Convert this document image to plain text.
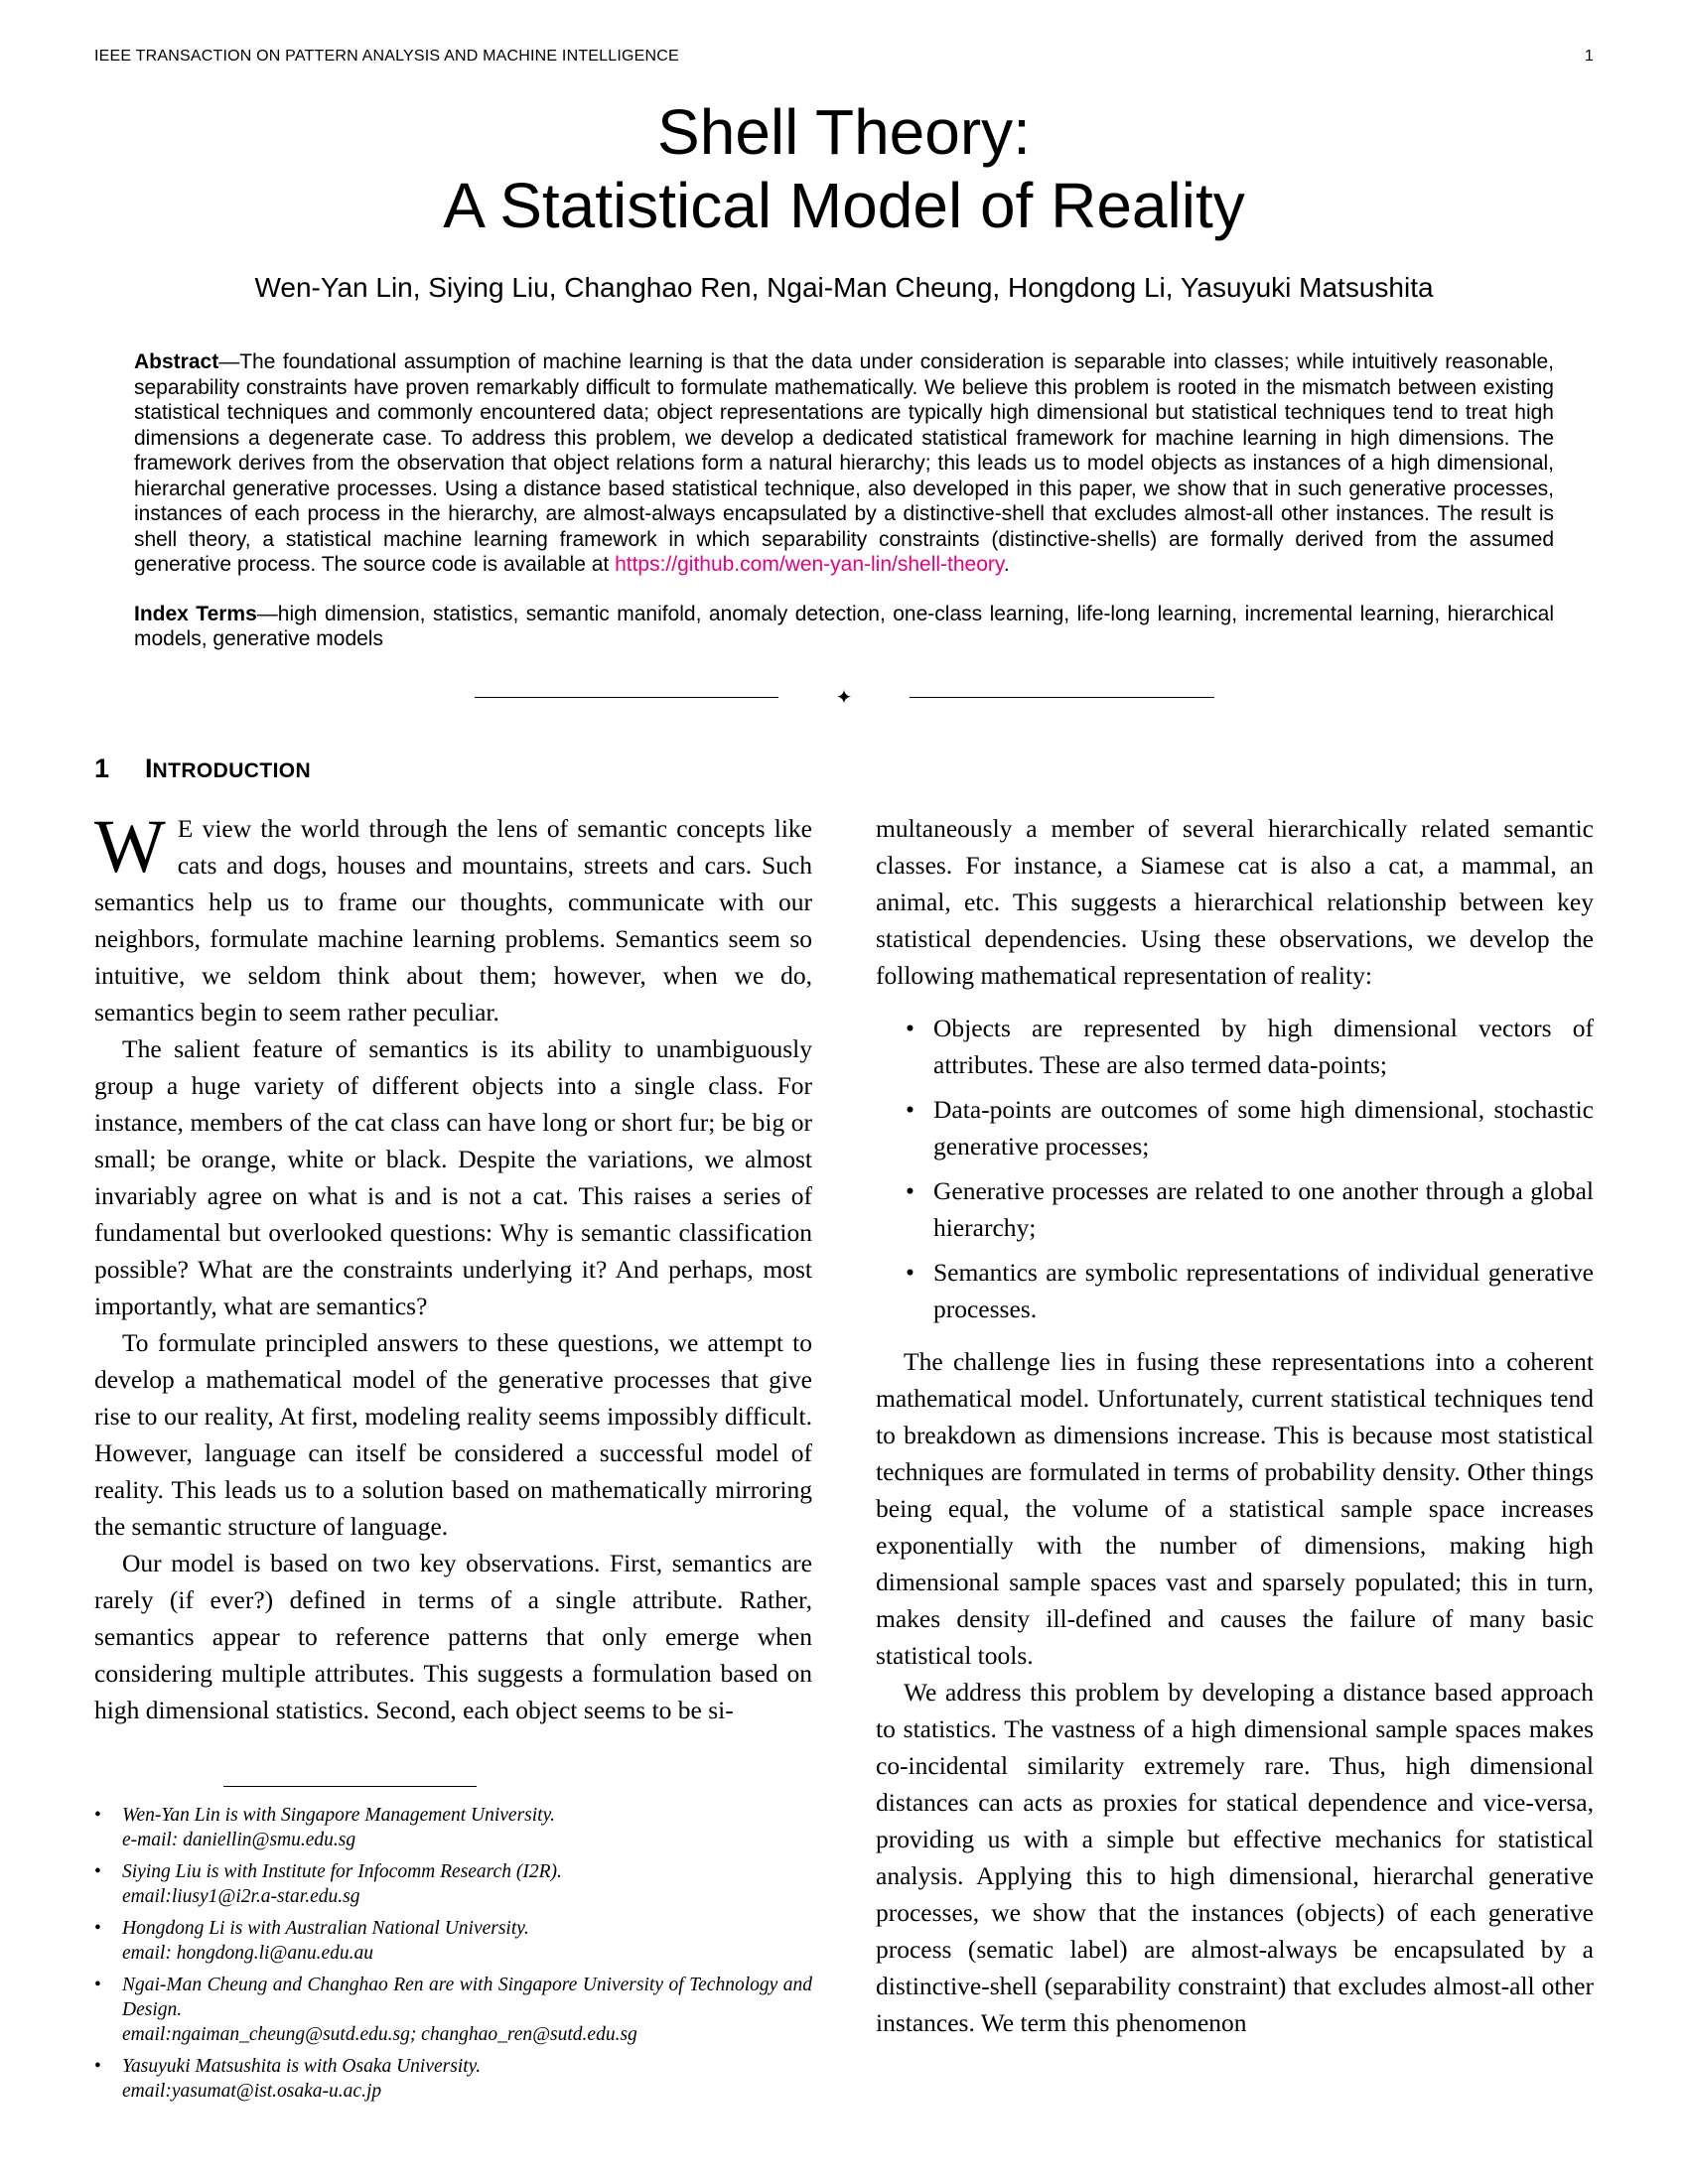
IEEE TRANSACTION ON PATTERN ANALYSIS AND MACHINE INTELLIGENCE	1
Shell Theory:
A Statistical Model of Reality
Wen-Yan Lin, Siying Liu, Changhao Ren, Ngai-Man Cheung, Hongdong Li, Yasuyuki Matsushita

Abstract—The foundational assumption of machine learning is that the data under consideration is separable into classes; while intuitively reasonable, separability constraints have proven remarkably difficult to formulate mathematically. We believe this problem is rooted in the mismatch between existing statistical techniques and commonly encountered data; object representations are typically high dimensional but statistical techniques tend to treat high dimensions a degenerate case. To address this problem, we develop a dedicated statistical framework for machine learning in high dimensions. The framework derives from the observation that object relations form a natural hierarchy; this leads us to model objects as instances of a high dimensional, hierarchal generative processes. Using a distance based statistical technique, also developed in this paper, we show that in such generative processes, instances of each process in the hierarchy, are almost-always encapsulated by a distinctive-shell that excludes almost-all other instances. The result is shell theory, a statistical machine learning framework in which separability constraints (distinctive-shells) are formally derived from the assumed generative process. The source code is available at https://github.com/wen-yan-lin/shell-theory.

Index Terms—high dimension, statistics, semantic manifold, anomaly detection, one-class learning, life-long learning, incremental learning, hierarchical models, generative models

✦
1 INTRODUCTION

W E view the world through the lens of semantic concepts like cats and dogs, houses and mountains, streets and cars. Such semantics help us to frame our thoughts, communicate with our neighbors, formulate machine learning problems. Semantics seem so intuitive, we seldom think about them; however, when we do, semantics begin to seem rather peculiar.

The salient feature of semantics is its ability to unambiguously group a huge variety of different objects into a single class. For instance, members of the cat class can have long or short fur; be big or small; be orange, white or black. Despite the variations, we almost invariably agree on what is and is not a cat. This raises a series of fundamental but overlooked questions: Why is semantic classification possible? What are the constraints underlying it? And perhaps, most importantly, what are semantics?

To formulate principled answers to these questions, we attempt to develop a mathematical model of the generative processes that give rise to our reality, At first, modeling reality seems impossibly difficult. However, language can itself be considered a successful model of reality. This leads us to a solution based on mathematically mirroring the semantic structure of language.

Our model is based on two key observations. First, semantics are rarely (if ever?) defined in terms of a single attribute. Rather, semantics appear to reference patterns that only emerge when considering multiple attributes. This suggests a formulation based on high dimensional statistics. Second, each object seems to be si-

•
Wen-Yan Lin is with Singapore Management University.
e-mail: daniellin@smu.edu.sg
•
Siying Liu is with Institute for Infocomm Research (I2R).
email:liusy1@i2r.a-star.edu.sg
•
Hongdong Li is with Australian National University.
email: hongdong.li@anu.edu.au
•
Ngai-Man Cheung and Changhao Ren are with Singapore University of Technology and Design.
email:ngaiman_cheung@sutd.edu.sg; changhao_ren@sutd.edu.sg
•
Yasuyuki Matsushita is with Osaka University.
email:yasumat@ist.osaka-u.ac.jp

multaneously a member of several hierarchically related semantic classes. For instance, a Siamese cat is also a cat, a mammal, an animal, etc. This suggests a hierarchical relationship between key statistical dependencies. Using these observations, we develop the following mathematical representation of reality:

•
Objects are represented by high dimensional vectors of attributes. These are also termed data-points;
•
Data-points are outcomes of some high dimensional, stochastic generative processes;
•
Generative processes are related to one another through a global hierarchy;
•
Semantics are symbolic representations of individual generative processes.

The challenge lies in fusing these representations into a coherent mathematical model. Unfortunately, current statistical techniques tend to breakdown as dimensions increase. This is because most statistical techniques are formulated in terms of probability density. Other things being equal, the volume of a statistical sample space increases exponentially with the number of dimensions, making high dimensional sample spaces vast and sparsely populated; this in turn, makes density ill-defined and causes the failure of many basic statistical tools.

We address this problem by developing a distance based approach to statistics. The vastness of a high dimensional sample spaces makes co-incidental similarity extremely rare. Thus, high dimensional distances can acts as proxies for statical dependence and vice-versa, providing us with a simple but effective mechanics for statistical analysis. Applying this to high dimensional, hierarchal generative processes, we show that the instances (objects) of each generative process (sematic label) are almost-always be encapsulated by a distinctive-shell (separability constraint) that excludes almost-all other instances. We term this phenomenon
